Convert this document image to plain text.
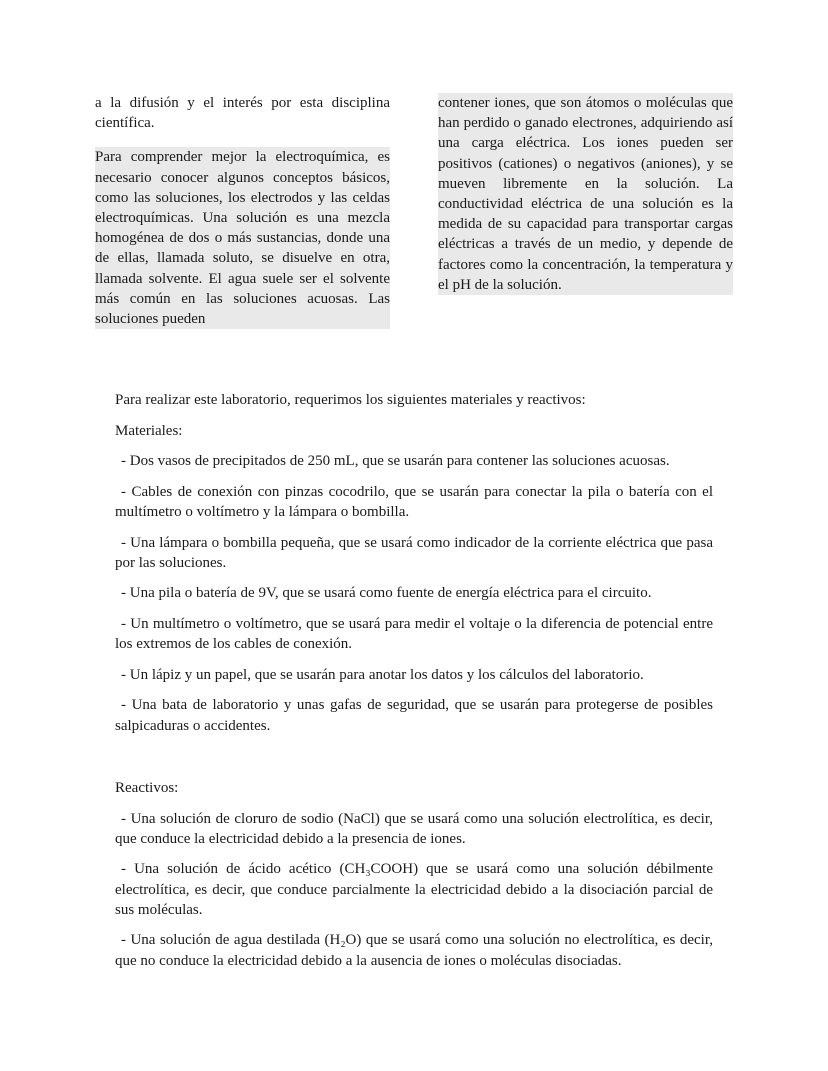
a la difusión y el interés por esta disciplina científica.

Para comprender mejor la electroquímica, es necesario conocer algunos conceptos básicos, como las soluciones, los electrodos y las celdas electroquímicas. Una solución es una mezcla homogénea de dos o más sustancias, donde una de ellas, llamada soluto, se disuelve en otra, llamada solvente. El agua suele ser el solvente más común en las soluciones acuosas. Las soluciones pueden

contener iones, que son átomos o moléculas que han perdido o ganado electrones, adquiriendo así una carga eléctrica. Los iones pueden ser positivos (cationes) o negativos (aniones), y se mueven libremente en la solución. La conductividad eléctrica de una solución es la medida de su capacidad para transportar cargas eléctricas a través de un medio, y depende de factores como la concentración, la temperatura y el pH de la solución.

Para realizar este laboratorio, requerimos los siguientes materiales y reactivos:

Materiales:

- Dos vasos de precipitados de 250 mL, que se usarán para contener las soluciones acuosas.

- Cables de conexión con pinzas cocodrilo, que se usarán para conectar la pila o batería con el multímetro o voltímetro y la lámpara o bombilla.

- Una lámpara o bombilla pequeña, que se usará como indicador de la corriente eléctrica que pasa por las soluciones.

- Una pila o batería de 9V, que se usará como fuente de energía eléctrica para el circuito.

- Un multímetro o voltímetro, que se usará para medir el voltaje o la diferencia de potencial entre los extremos de los cables de conexión.

- Un lápiz y un papel, que se usarán para anotar los datos y los cálculos del laboratorio.

- Una bata de laboratorio y unas gafas de seguridad, que se usarán para protegerse de posibles salpicaduras o accidentes.

Reactivos:

- Una solución de cloruro de sodio (NaCl) que se usará como una solución electrolítica, es decir, que conduce la electricidad debido a la presencia de iones.

- Una solución de ácido acético (CH₃COOH) que se usará como una solución débilmente electrolítica, es decir, que conduce parcialmente la electricidad debido a la disociación parcial de sus moléculas.

- Una solución de agua destilada (H₂O) que se usará como una solución no electrolítica, es decir, que no conduce la electricidad debido a la ausencia de iones o moléculas disociadas.
